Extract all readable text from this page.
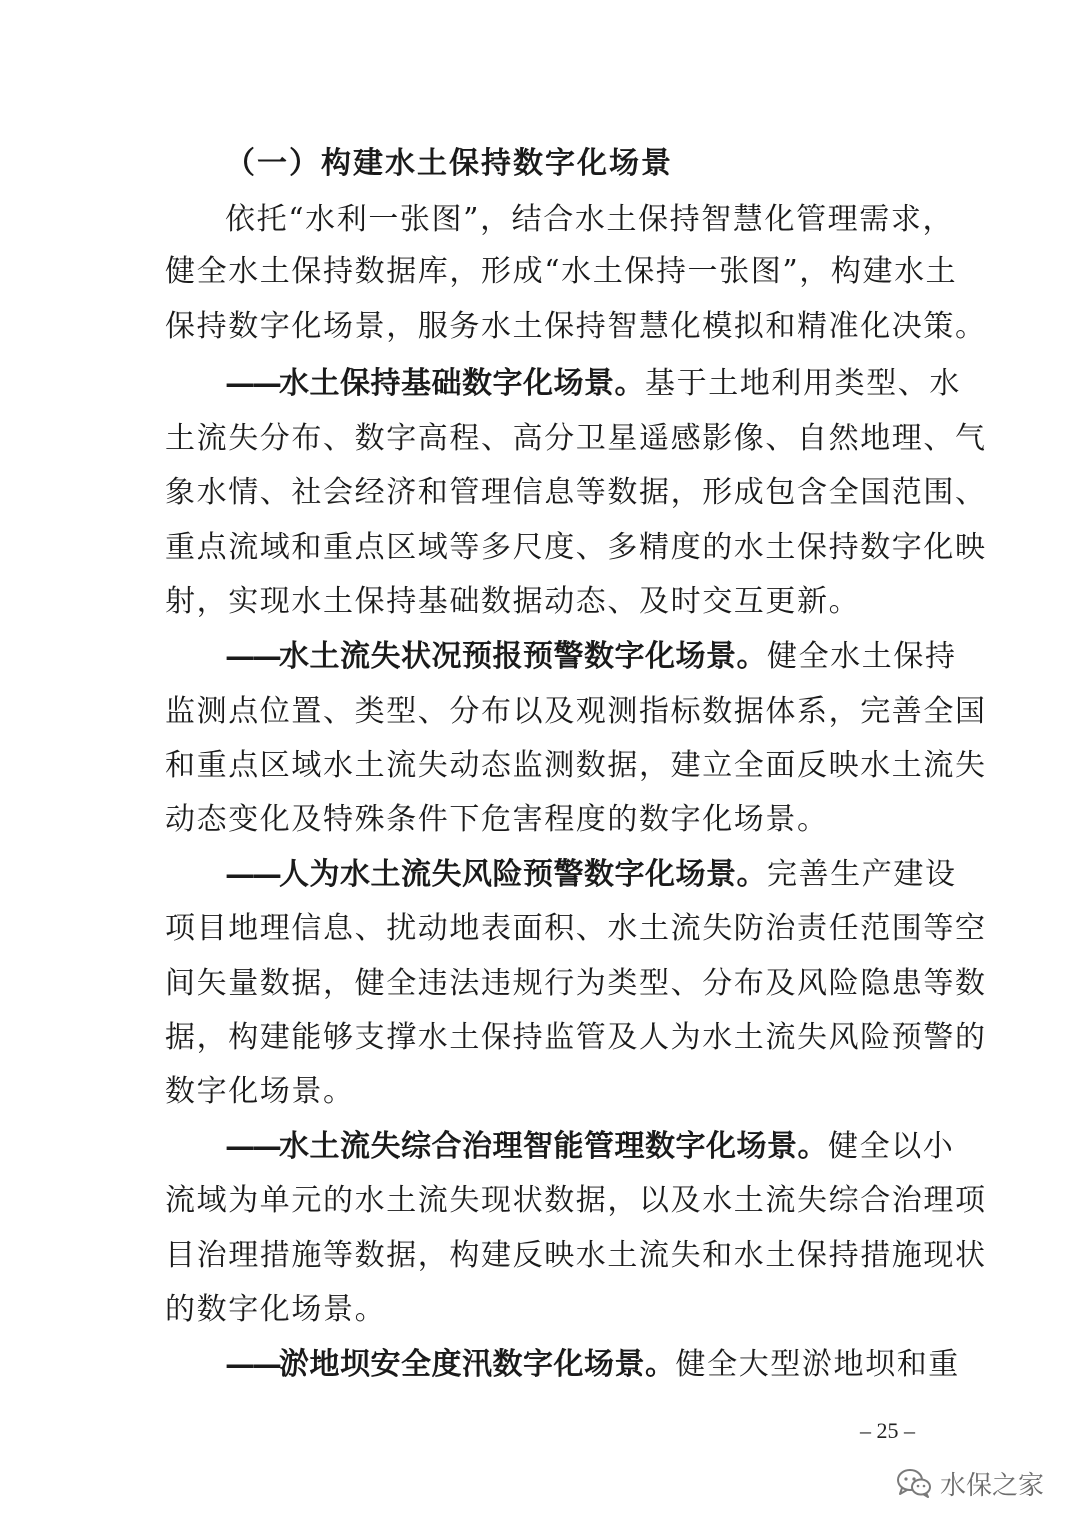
（一）构建水土保持数字化场景
依托“水利一张图”，结合水土保持智慧化管理需求，
健全水土保持数据库，形成“水土保持一张图”，构建水土
保持数字化场景，服务水土保持智慧化模拟和精准化决策。
——水土保持基础数字化场景。基于土地利用类型、水
土流失分布、数字高程、高分卫星遥感影像、自然地理、气
象水情、社会经济和管理信息等数据，形成包含全国范围、
重点流域和重点区域等多尺度、多精度的水土保持数字化映
射，实现水土保持基础数据动态、及时交互更新。
——水土流失状况预报预警数字化场景。健全水土保持
监测点位置、类型、分布以及观测指标数据体系，完善全国
和重点区域水土流失动态监测数据，建立全面反映水土流失
动态变化及特殊条件下危害程度的数字化场景。
——人为水土流失风险预警数字化场景。完善生产建设
项目地理信息、扰动地表面积、水土流失防治责任范围等空
间矢量数据，健全违法违规行为类型、分布及风险隐患等数
据，构建能够支撑水土保持监管及人为水土流失风险预警的
数字化场景。
——水土流失综合治理智能管理数字化场景。健全以小
流域为单元的水土流失现状数据，以及水土流失综合治理项
目治理措施等数据，构建反映水土流失和水土保持措施现状
的数字化场景。
——淤地坝安全度汛数字化场景。健全大型淤地坝和重
– 25 –
水保之家
